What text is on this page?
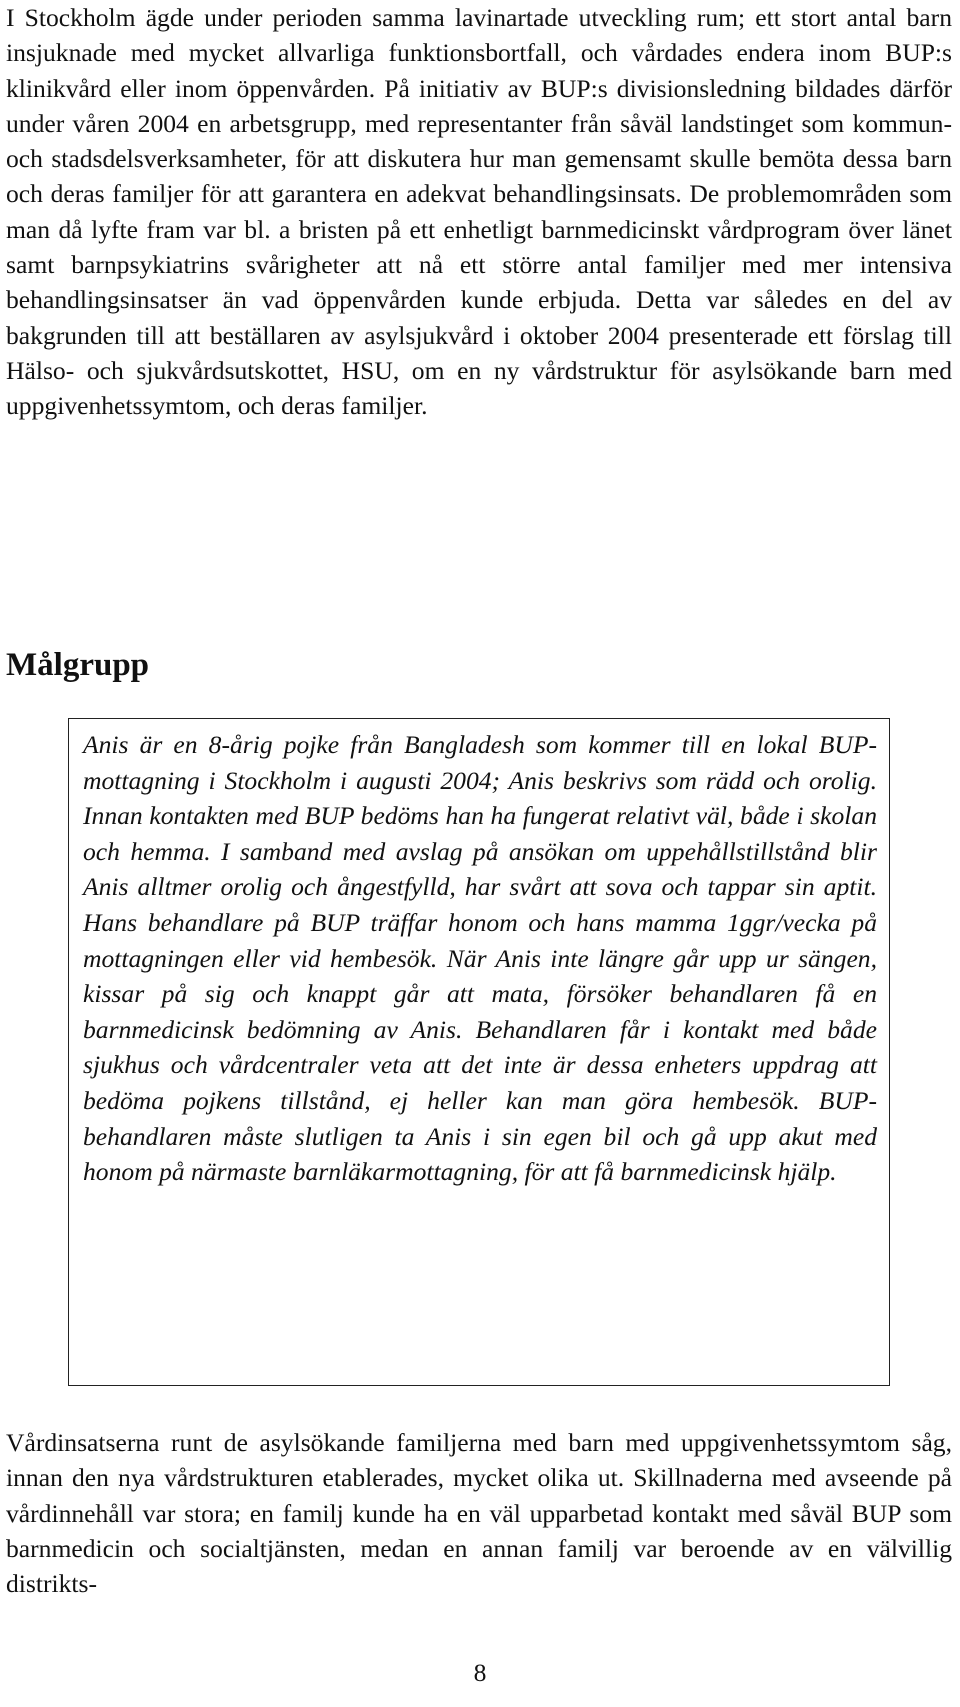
I Stockholm ägde under perioden samma lavinartade utveckling rum; ett stort antal barn insjuknade med mycket allvarliga funktionsbortfall, och vårdades endera inom BUP:s klinikvård eller inom öppenvården. På initiativ av BUP:s divisionsledning bildades därför under våren 2004 en arbetsgrupp, med representanter från såväl landstinget som kommun- och stadsdelsverksamheter, för att diskutera hur man gemensamt skulle bemöta dessa barn och deras familjer för att garantera en adekvat behandlingsinsats. De problemområden som man då lyfte fram var bl. a bristen på ett enhetligt barnmedicinskt vårdprogram över länet samt barnpsykiatrins svårigheter att nå ett större antal familjer med mer intensiva behandlingsinsatser än vad öppenvården kunde erbjuda. Detta var således en del av bakgrunden till att beställaren av asylsjukvård i oktober 2004 presenterade ett förslag till Hälso- och sjukvårdsutskottet, HSU, om en ny vårdstruktur för asylsökande barn med uppgivenhetssymtom, och deras familjer.

Målgrupp

Anis är en 8-årig pojke från Bangladesh som kommer till en lokal BUP-mottagning i Stockholm i augusti 2004; Anis beskrivs som rädd och orolig. Innan kontakten med BUP bedöms han ha fungerat relativt väl, både i skolan och hemma. I samband med avslag på ansökan om uppehållstillstånd blir Anis alltmer orolig och ångestfylld, har svårt att sova och tappar sin aptit. Hans behandlare på BUP träffar honom och hans mamma 1ggr/vecka på mottagningen eller vid hembesök. När Anis inte längre går upp ur sängen, kissar på sig och knappt går att mata, försöker behandlaren få en barnmedicinsk bedömning av Anis. Behandlaren får i kontakt med både sjukhus och vårdcentraler veta att det inte är dessa enheters uppdrag att bedöma pojkens tillstånd, ej heller kan man göra hembesök. BUP-behandlaren måste slutligen ta Anis i sin egen bil och gå upp akut med honom på närmaste barnläkarmottagning, för att få barnmedicinsk hjälp.

Vårdinsatserna runt de asylsökande familjerna med barn med uppgivenhetssymtom såg, innan den nya vårdstrukturen etablerades, mycket olika ut. Skillnaderna med avseende på vårdinnehåll var stora; en familj kunde ha en väl upparbetad kontakt med såväl BUP som barnmedicin och socialtjänsten, medan en annan familj var beroende av en välvillig distrikts-

8
